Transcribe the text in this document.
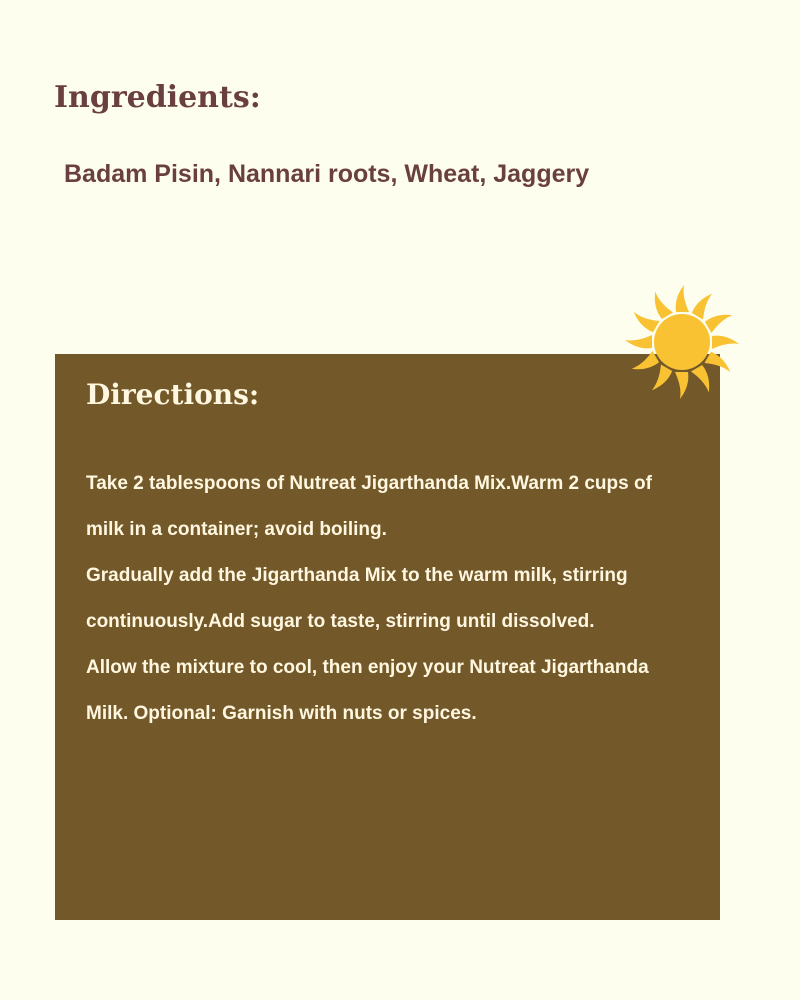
Ingredients:

Badam Pisin, Nannari roots, Wheat, Jaggery

Directions:

Take 2 tablespoons of Nutreat Jigarthanda Mix.Warm 2 cups of milk in a container; avoid boiling.

Gradually add the Jigarthanda Mix to the warm milk, stirring continuously.Add sugar to taste, stirring until dissolved.

Allow the mixture to cool, then enjoy your Nutreat Jigarthanda Milk. Optional: Garnish with nuts or spices.
